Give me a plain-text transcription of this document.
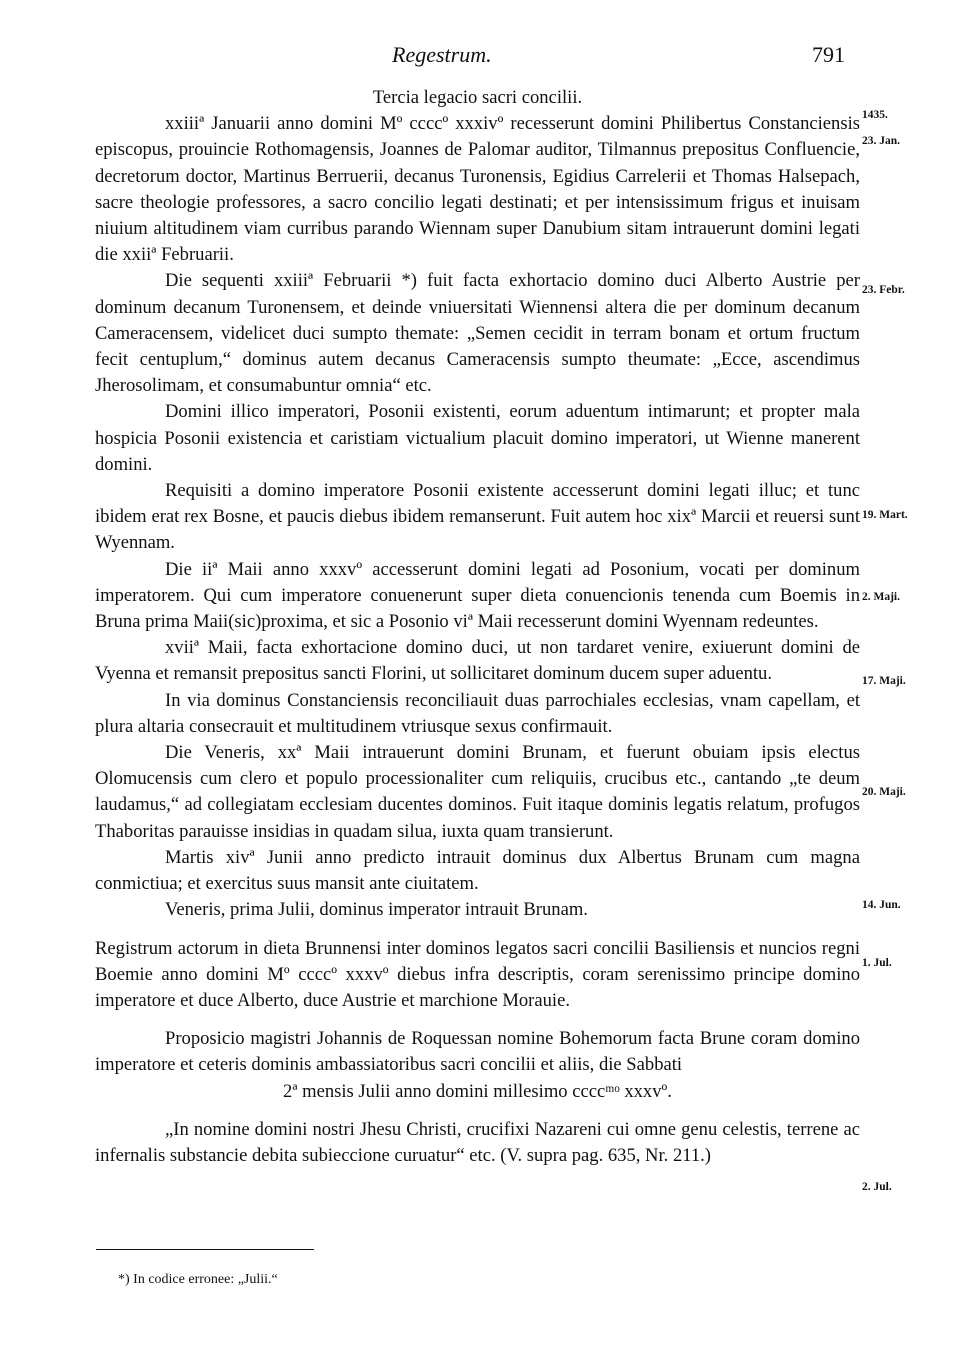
Regestrum.	791

Tercia legacio sacri concilii.

xxiiiª Januarii anno domini Mº ccccº xxxivº recesserunt domini Philibertus Constanciensis episcopus, prouincie Rothomagensis, Joannes de Palomar auditor, Tilmannus prepositus Confluencie, decretorum doctor, Martinus Berruerii, decanus Turonensis, Egidius Carrelerii et Thomas Halsepach, sacre theologie professores, a sacro concilio legati destinati; et per intensissimum frigus et inuisam niuium altitudinem viam curribus parando Wiennam super Danubium sitam intrauerunt domini legati die xxiiª Februarii.

Die sequenti xxiiiª Februarii *) fuit facta exhortacio domino duci Alberto Austrie per dominum decanum Turonensem, et deinde vniuersitati Wiennensi altera die per dominum decanum Cameracensem, videlicet duci sumpto themate: „Semen cecidit in terram bonam et ortum fructum fecit centuplum,“ dominus autem decanus Cameracensis sumpto theumate: „Ecce, ascendimus Jherosolimam, et consumabuntur omnia“ etc.

Domini illico imperatori, Posonii existenti, eorum aduentum intimarunt; et propter mala hospicia Posonii existencia et caristiam victualium placuit domino imperatori, ut Wienne manerent domini.

Requisiti a domino imperatore Posonii existente accesserunt domini legati illuc; et tunc ibidem erat rex Bosne, et paucis diebus ibidem remanserunt. Fuit autem hoc xixª Marcii et reuersi sunt Wyennam.

Die iiª Maii anno xxxvº accesserunt domini legati ad Posonium, vocati per dominum imperatorem. Qui cum imperatore conuenerunt super dieta conuencionis tenenda cum Boemis in Bruna prima Maii(sic)proxima, et sic a Posonio viª Maii recesserunt domini Wyennam redeuntes.

xviiª Maii, facta exhortacione domino duci, ut non tardaret venire, exiuerunt domini de Vyenna et remansit prepositus sancti Florini, ut sollicitaret dominum ducem super aduentu.

In via dominus Constanciensis reconciliauit duas parrochiales ecclesias, vnam capellam, et plura altaria consecrauit et multitudinem vtriusque sexus confirmauit.

Die Veneris, xxª Maii intrauerunt domini Brunam, et fuerunt obuiam ipsis electus Olomucensis cum clero et populo processionaliter cum reliquiis, crucibus etc., cantando „te deum laudamus,“ ad collegiatam ecclesiam ducentes dominos. Fuit itaque dominis legatis relatum, profugos Thaboritas parauisse insidias in quadam silua, iuxta quam transierunt.

Martis xivª Junii anno predicto intrauit dominus dux Albertus Brunam cum magna conmictiua; et exercitus suus mansit ante ciuitatem.

Veneris, prima Julii, dominus imperator intrauit Brunam.

Registrum actorum in dieta Brunnensi inter dominos legatos sacri concilii Basiliensis et nuncios regni Boemie anno domini Mº ccccº xxxvº diebus infra descriptis, coram serenissimo principe domino imperatore et duce Alberto, duce Austrie et marchione Morauie.

Proposicio magistri Johannis de Roquessan nomine Bohemorum facta Brune coram domino imperatore et ceteris dominis ambassiatoribus sacri concilii et aliis, die Sabbati

2ª mensis Julii anno domini millesimo ccccᵐᵒ xxxvº.

„In nomine domini nostri Jhesu Christi, crucifixi Nazareni cui omne genu celestis, terrene ac infernalis substancie debita subieccione curuatur“ etc. (V. supra pag. 635, Nr. 211.)

1435.
23. Jan.
23. Febr.
19. Mart.
2. Maji.
17. Maji.
20. Maji.
14. Jun.
1. Jul.
2. Jul.
*) In codice erronee: „Julii.“
